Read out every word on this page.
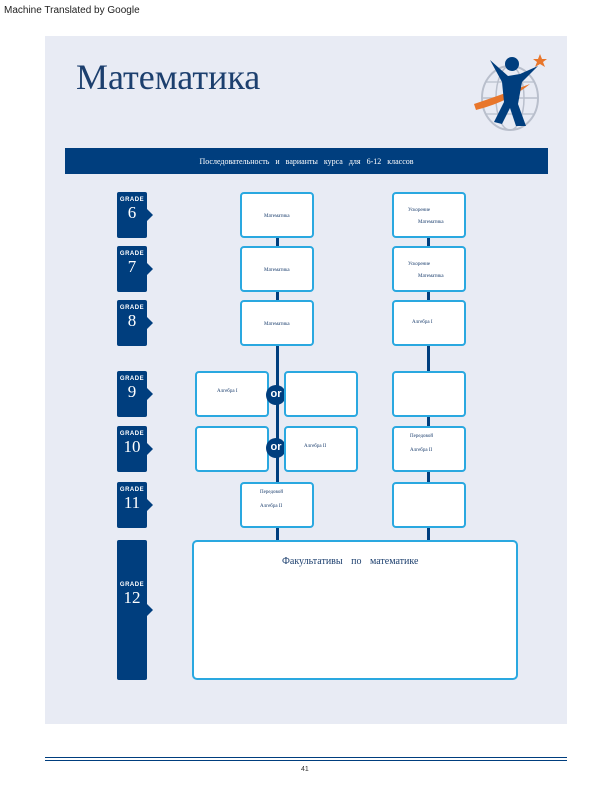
Machine Translated by Google
Математика
Последовательность и варианты курса для 6-12 классов
GRADE
6
GRADE
7
GRADE
8
GRADE
9
GRADE
10
GRADE
11
GRADE
12
Математика
Ускорение
Математика
Математика
Ускорение
Математика
Математика	Алгебра I
Алгебра I	or
or	Алгебра II
Передовой
Алгебра II
Передовой
Алгебра II
Факультативы по математике
41
